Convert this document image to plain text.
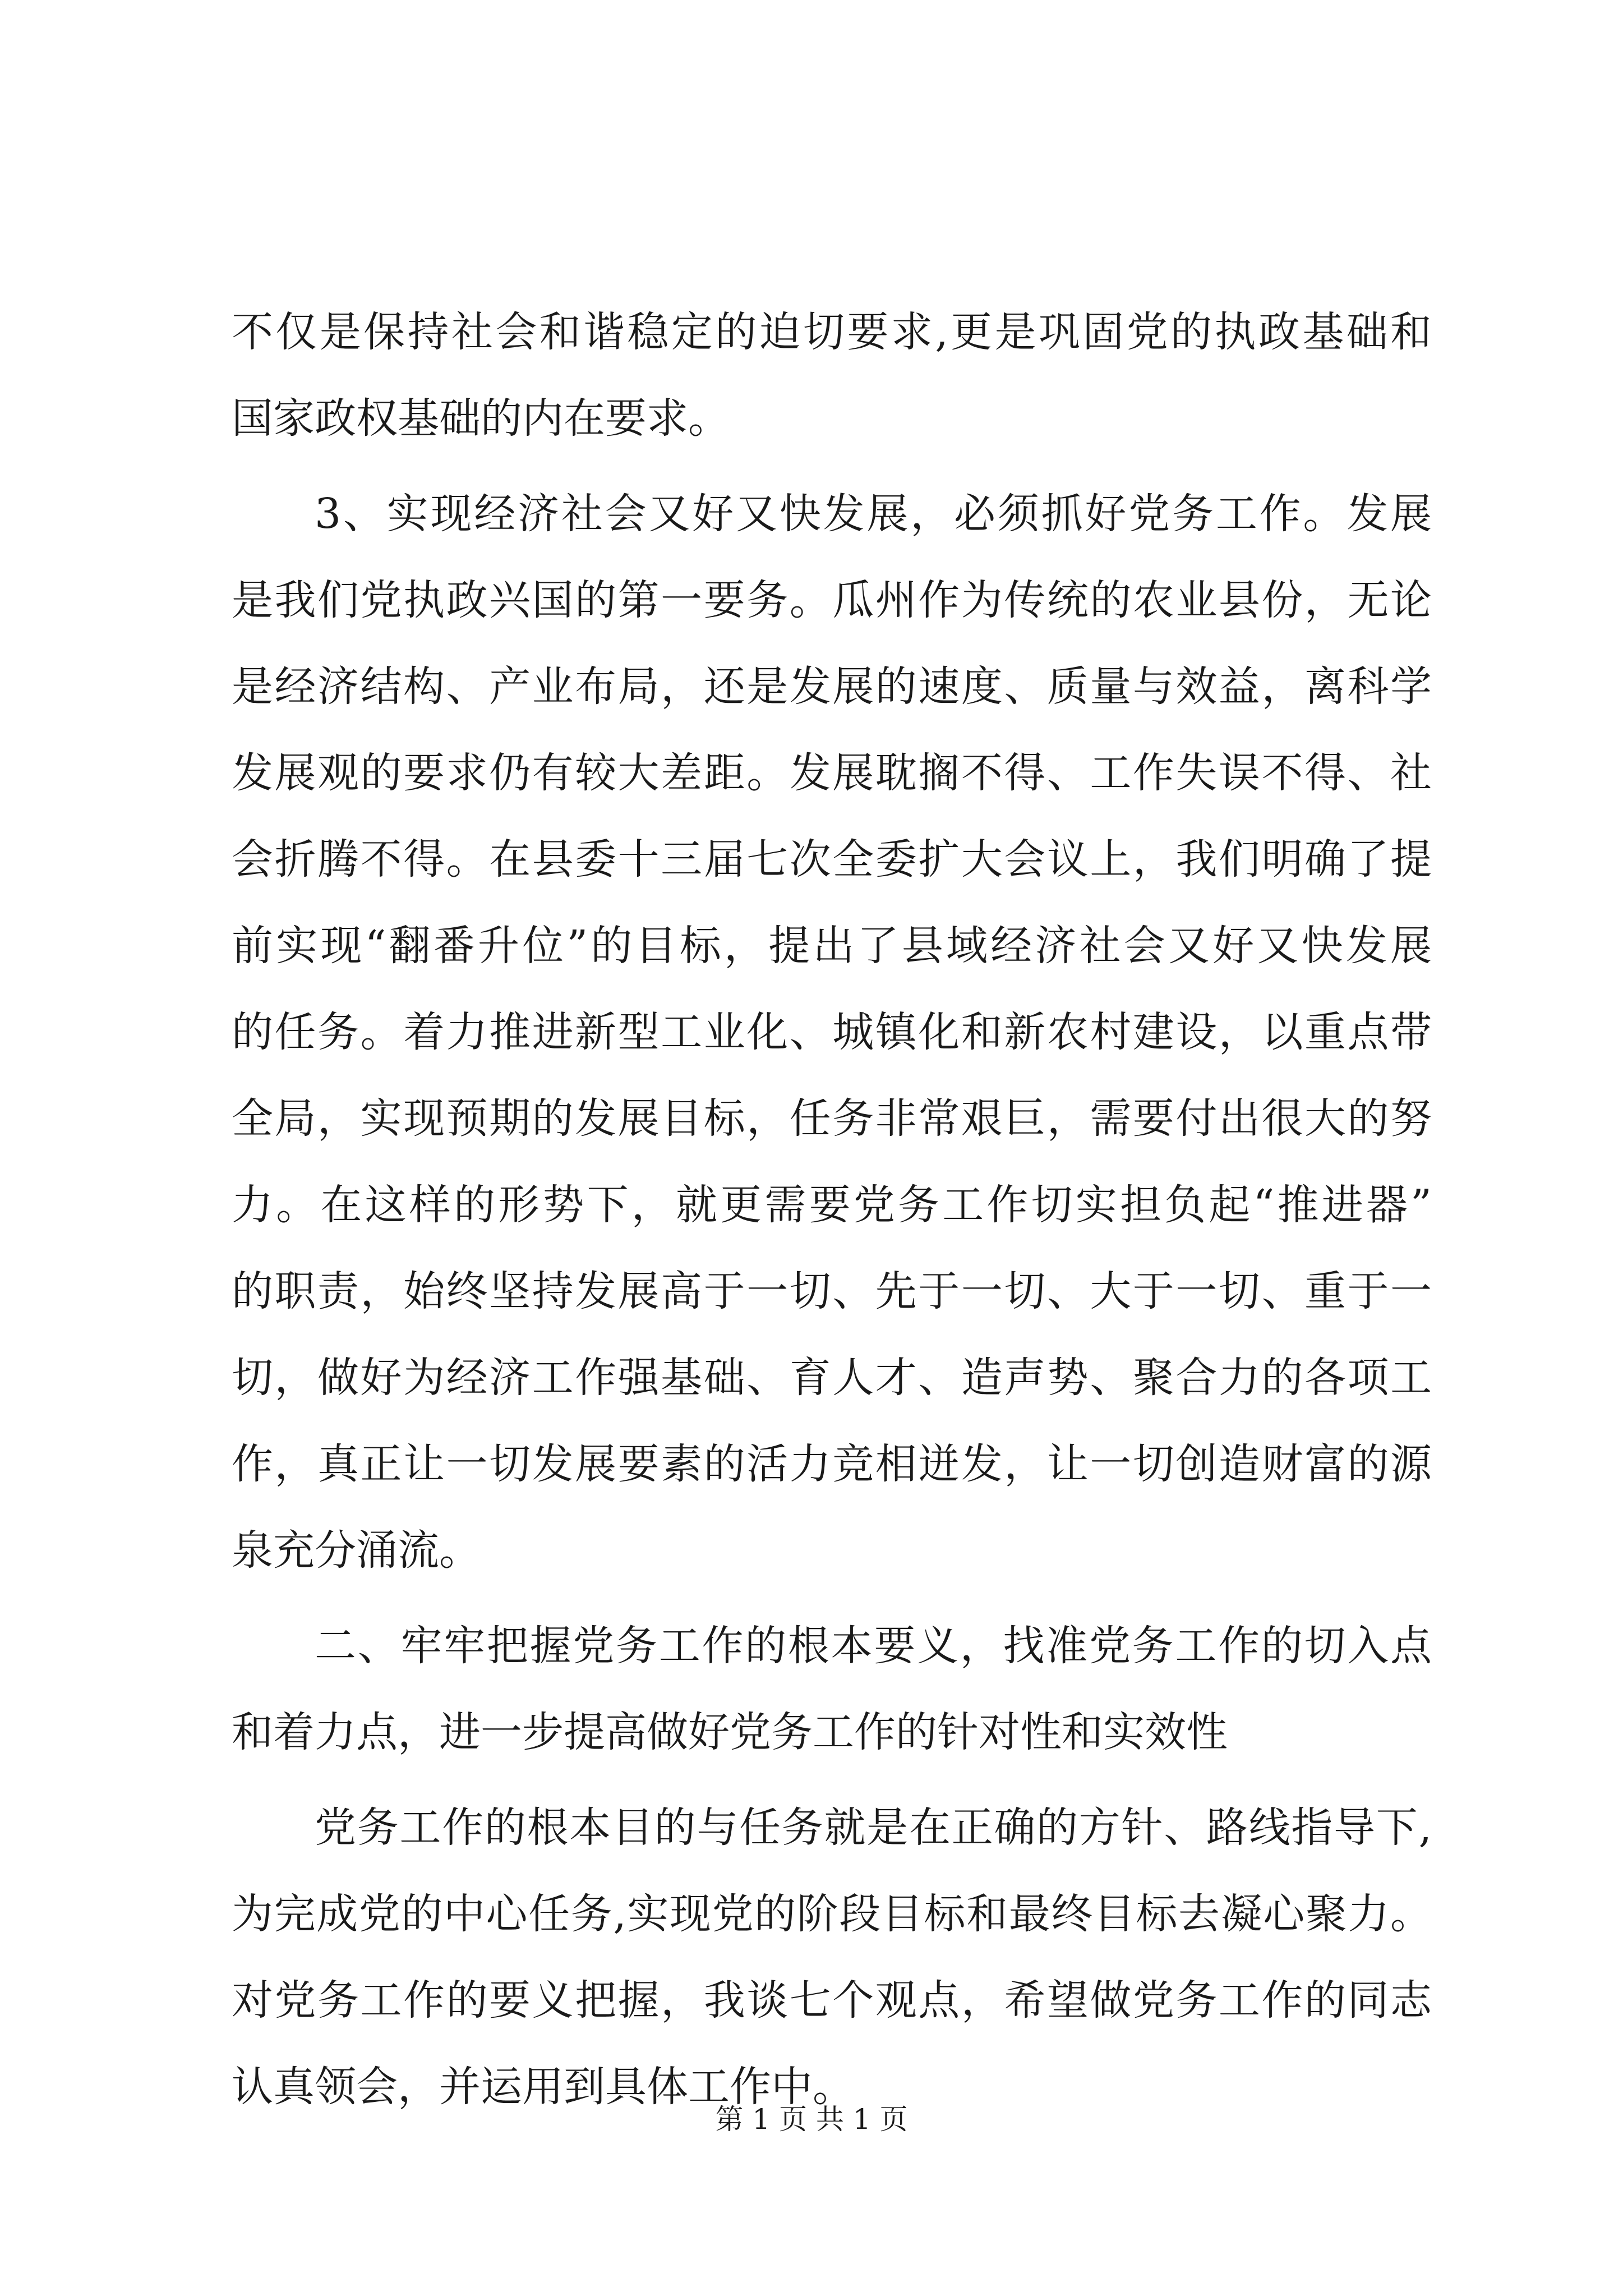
不仅是保持社会和谐稳定的迫切要求,更是巩固党的执政基础和
国家政权基础的内在要求。
3、实现经济社会又好又快发展，必须抓好党务工作。发展
是我们党执政兴国的第一要务。瓜州作为传统的农业县份，无论
是经济结构、产业布局，还是发展的速度、质量与效益，离科学
发展观的要求仍有较大差距。发展耽搁不得、工作失误不得、社
会折腾不得。在县委十三届七次全委扩大会议上，我们明确了提
前实现“翻番升位”的目标，提出了县域经济社会又好又快发展
的任务。着力推进新型工业化、城镇化和新农村建设，以重点带
全局，实现预期的发展目标，任务非常艰巨，需要付出很大的努
力。在这样的形势下，就更需要党务工作切实担负起“推进器”
的职责，始终坚持发展高于一切、先于一切、大于一切、重于一
切，做好为经济工作强基础、育人才、造声势、聚合力的各项工
作，真正让一切发展要素的活力竞相迸发，让一切创造财富的源
泉充分涌流。
二、牢牢把握党务工作的根本要义，找准党务工作的切入点
和着力点，进一步提高做好党务工作的针对性和实效性
党务工作的根本目的与任务就是在正确的方针、路线指导下,
为完成党的中心任务,实现党的阶段目标和最终目标去凝心聚力。
对党务工作的要义把握，我谈七个观点，希望做党务工作的同志
认真领会，并运用到具体工作中。
第 1 页 共 1 页
